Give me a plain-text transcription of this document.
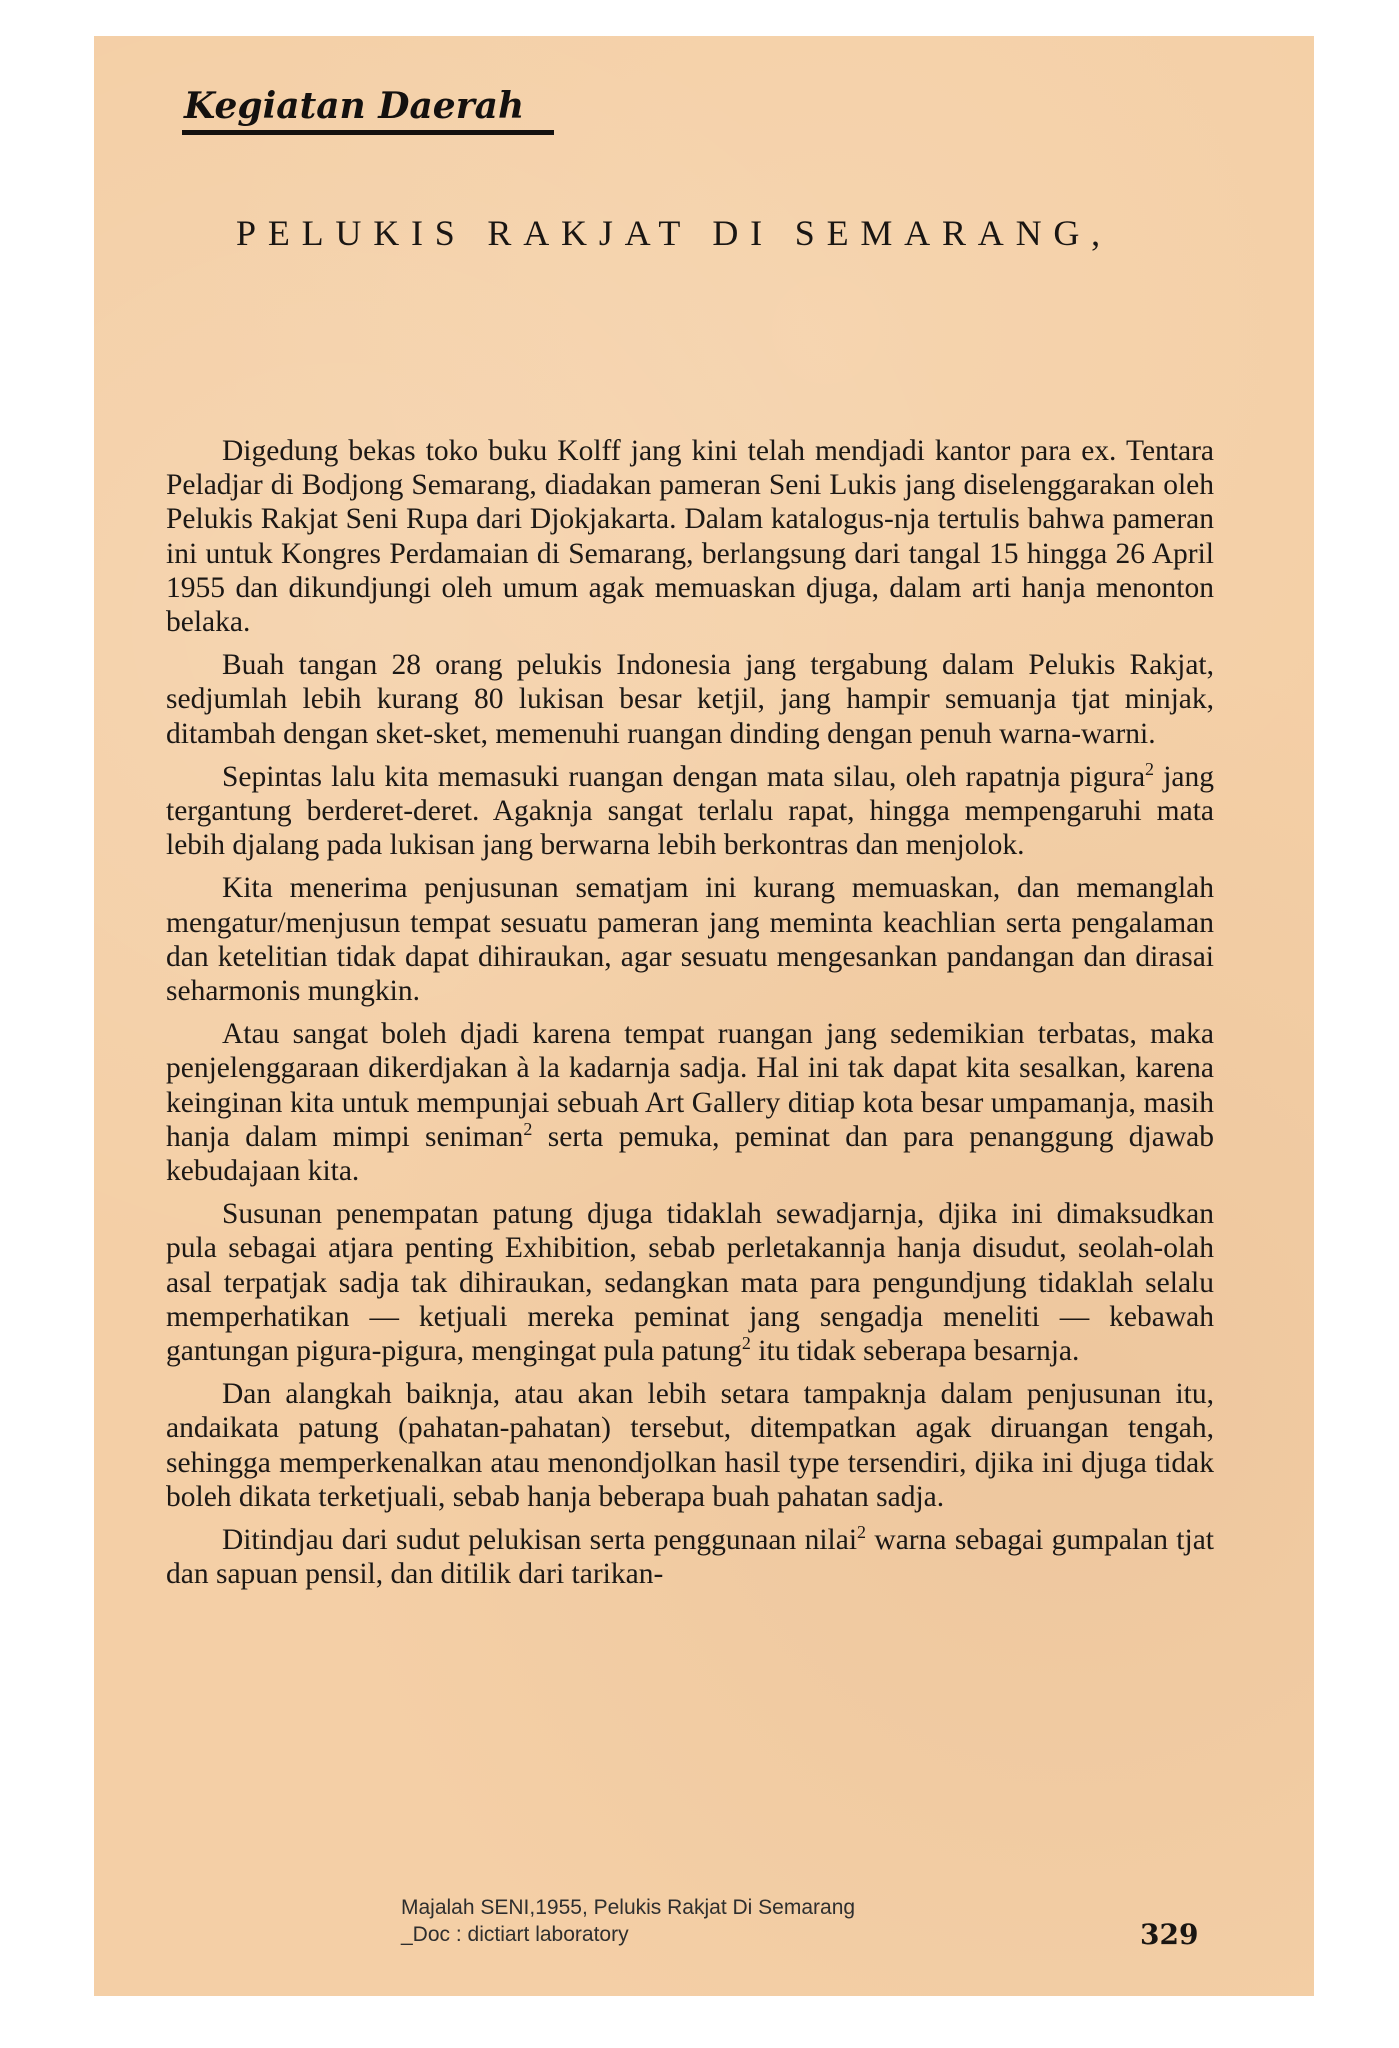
Kegiatan Daerah
PELUKIS RAKJAT DI SEMARANG,

Digedung bekas toko buku Kolff jang kini telah mendjadi kantor para ex. Tentara Peladjar di Bodjong Semarang, diadakan pameran Seni Lukis jang diselenggarakan oleh Pelukis Rakjat Seni Rupa dari Djokjakarta. Dalam katalogus-nja tertulis bahwa pameran ini untuk Kongres Perdamaian di Semarang, berlangsung dari tangal 15 hingga 26 April 1955 dan dikundjungi oleh umum agak memuaskan djuga, dalam arti hanja menonton belaka.

Buah tangan 28 orang pelukis Indonesia jang tergabung dalam Pelukis Rakjat, sedjumlah lebih kurang 80 lukisan besar ketjil, jang hampir semuanja tjat minjak, ditambah dengan sket-sket, memenuhi ruangan dinding dengan penuh warna-warni.

Sepintas lalu kita memasuki ruangan dengan mata silau, oleh rapatnja pigura$^2$ jang tergantung berderet-deret. Agaknja sangat terlalu rapat, hingga mempengaruhi mata lebih djalang pada lukisan jang berwarna lebih berkontras dan menjolok.

Kita menerima penjusunan sematjam ini kurang memuaskan, dan memanglah mengatur/menjusun tempat sesuatu pameran jang meminta keachlian serta pengalaman dan ketelitian tidak dapat dihiraukan, agar sesuatu mengesankan pandangan dan dirasai seharmonis mungkin.

Atau sangat boleh djadi karena tempat ruangan jang sedemikian terbatas, maka penjelenggaraan dikerdjakan à la kadarnja sadja. Hal ini tak dapat kita sesalkan, karena keinginan kita untuk mempunjai sebuah Art Gallery ditiap kota besar umpamanja, masih hanja dalam mimpi seniman$^2$ serta pemuka, peminat dan para penanggung djawab kebudajaan kita.

Susunan penempatan patung djuga tidaklah sewadjarnja, djika ini dimaksudkan pula sebagai atjara penting Exhibition, sebab perletakannja hanja disudut, seolah-olah asal terpatjak sadja tak dihiraukan, sedangkan mata para pengundjung tidaklah selalu memperhatikan — ketjuali mereka peminat jang sengadja meneliti — kebawah gantungan pigura-pigura, mengingat pula patung$^2$ itu tidak seberapa besarnja.

Dan alangkah baiknja, atau akan lebih setara tampaknja dalam penjusunan itu, andaikata patung (pahatan-pahatan) tersebut, ditempatkan agak diruangan tengah, sehingga memperkenalkan atau menondjolkan hasil type tersendiri, djika ini djuga tidak boleh dikata terketjuali, sebab hanja beberapa buah pahatan sadja.

Ditindjau dari sudut pelukisan serta penggunaan nilai$^2$ warna sebagai gumpalan tjat dan sapuan pensil, dan ditilik dari tarikan-

329
Majalah SENI,1955, Pelukis Rakjat Di Semarang
_Doc : dictiart laboratory
